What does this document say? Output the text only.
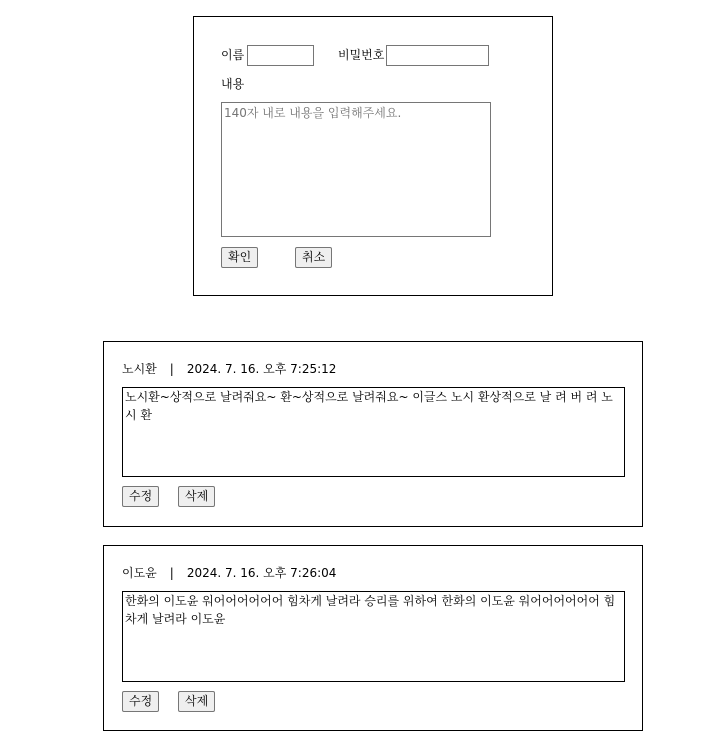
이름	비밀번호
내용
140자 내로 내용을 입력해주세요.
확인	취소
노시환 | 2024. 7. 16. 오후 7:25:12
노시환~상적으로 날려줘요~ 환~상적으로 날려줘요~ 이글스 노시 환상적으로 날 려 버 려 노 시 환
수정	삭제
이도윤 | 2024. 7. 16. 오후 7:26:04
한화의 이도윤 워어어어어어어 힘차게 날려라 승리를 위하여 한화의 이도윤 워어어어어어어 힘차게 날려라 이도윤
수정	삭제
